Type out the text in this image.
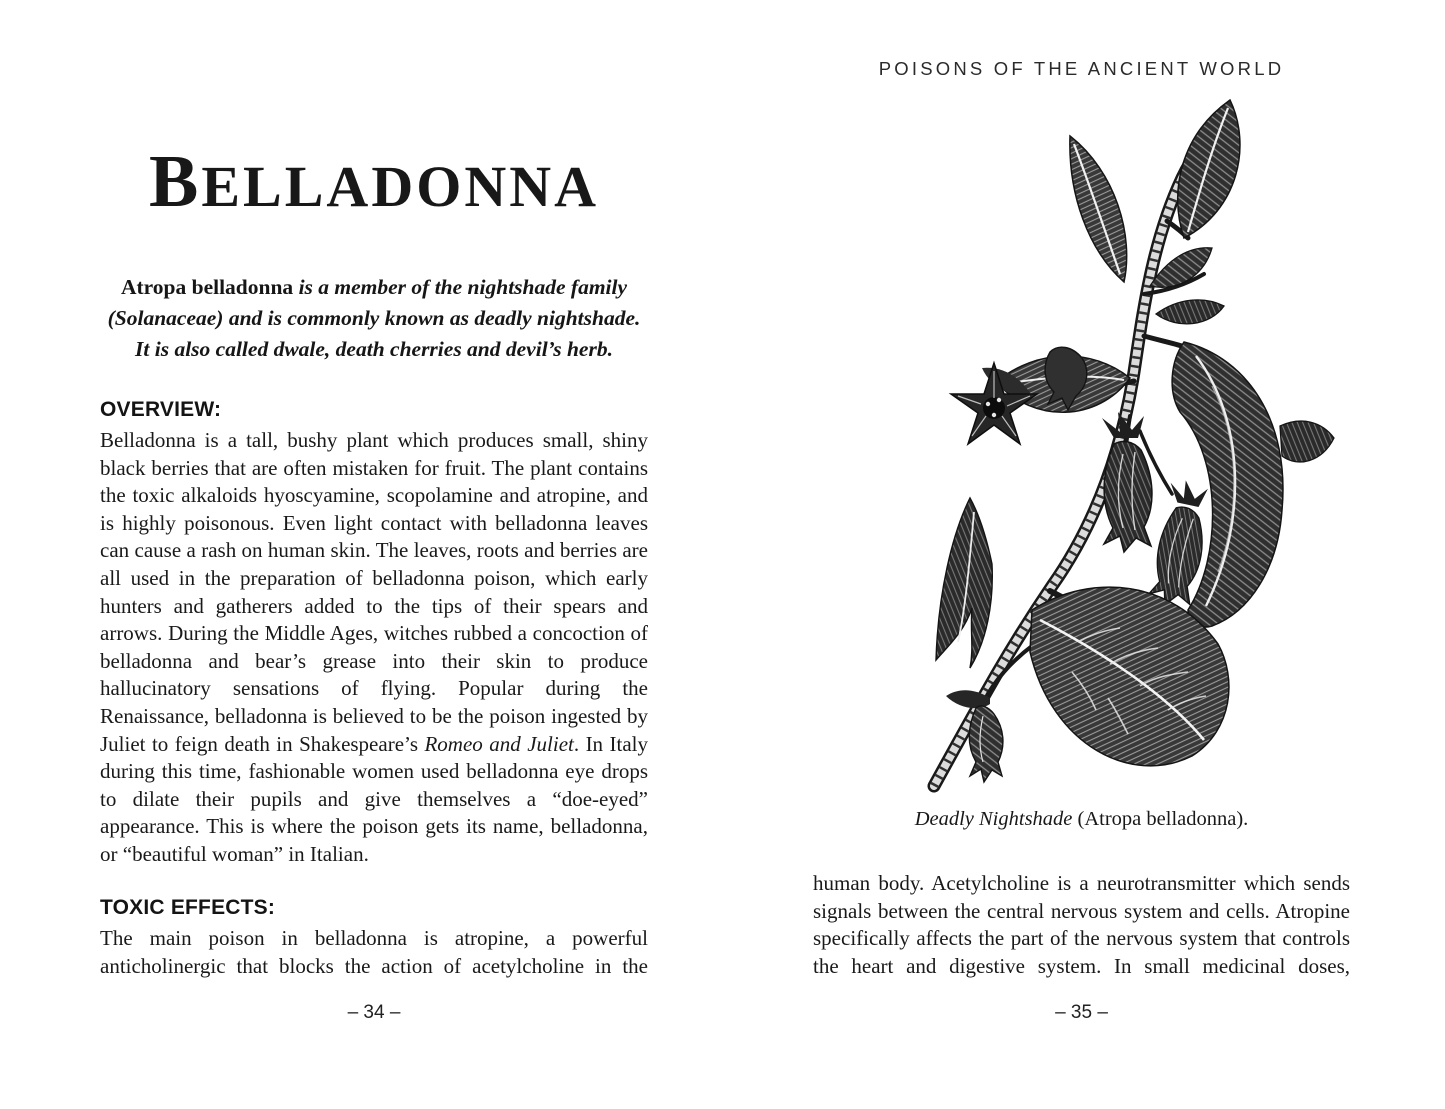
BELLADONNA

Atropa belladonna is a member of the nightshade family (Solanaceae) and is commonly known as deadly nightshade. It is also called dwale, death cherries and devil’s herb.

OVERVIEW:

Belladonna is a tall, bushy plant which produces small, shiny black berries that are often mistaken for fruit. The plant contains the toxic alkaloids hyoscyamine, scopolamine and atropine, and is highly poisonous. Even light contact with belladonna leaves can cause a rash on human skin. The leaves, roots and berries are all used in the preparation of belladonna poison, which early hunters and gatherers added to the tips of their spears and arrows. During the Middle Ages, witches rubbed a concoction of belladonna and bear’s grease into their skin to produce hallucinatory sensations of flying. Popular during the Renaissance, belladonna is believed to be the poison ingested by Juliet to feign death in Shakespeare’s Romeo and Juliet. In Italy during this time, fashionable women used belladonna eye drops to dilate their pupils and give themselves a “doe-eyed” appearance. This is where the poison gets its name, belladonna, or “beautiful woman” in Italian.

TOXIC EFFECTS:

The main poison in belladonna is atropine, a powerful anticholinergic that blocks the action of acetylcholine in the

– 34 –
POISONS OF THE ANCIENT WORLD

Deadly Nightshade (Atropa belladonna).

human body. Acetylcholine is a neurotransmitter which sends signals between the central nervous system and cells. Atropine specifically affects the part of the nervous system that controls the heart and digestive system. In small medicinal doses,

– 35 –
